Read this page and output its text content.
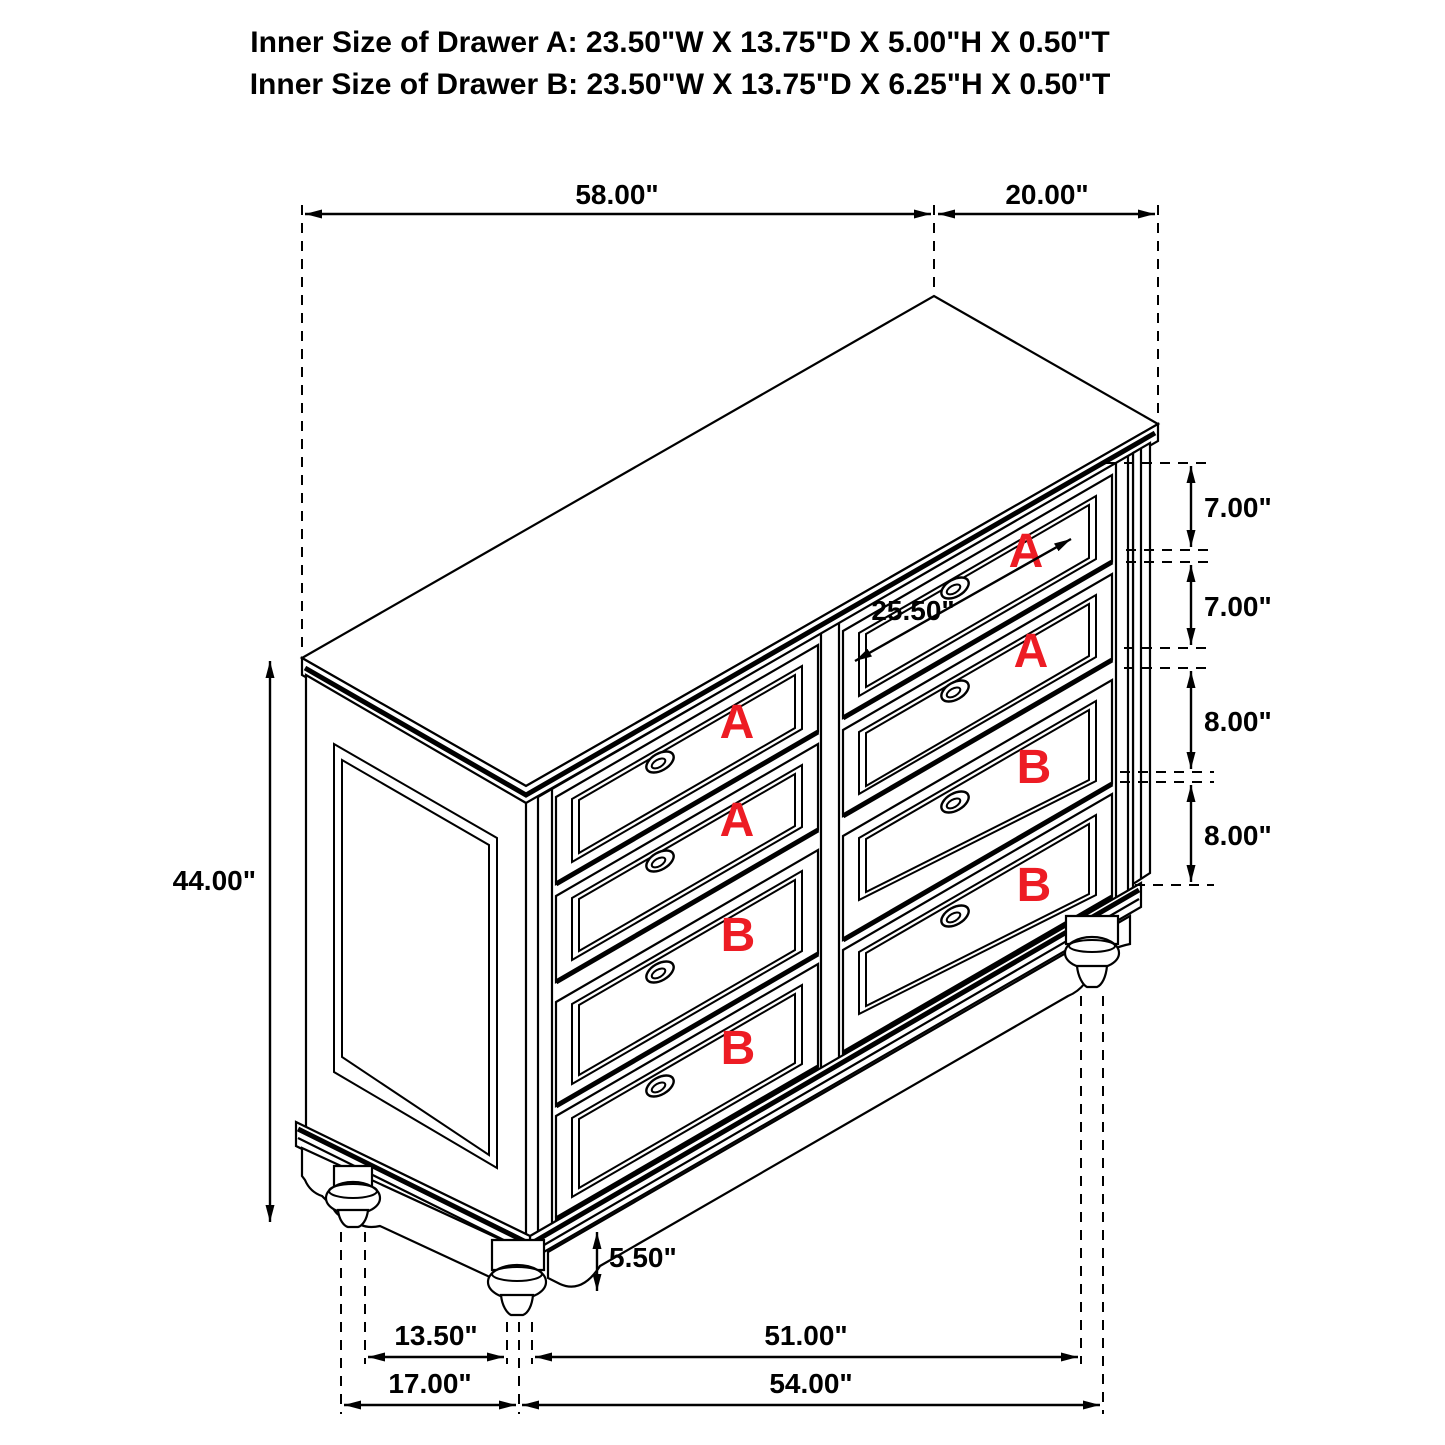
Inner Size of Drawer A: 23.50"W X 13.75"D X 5.00"H X 0.50"T
Inner Size of Drawer B: 23.50"W X 13.75"D X 6.25"H X 0.50"T
58.00"	20.00"
A
A
B
B
A
A
B
B
7.00"
7.00"
8.00"
8.00"
44.00"
25.50"
5.50"
13.50"	51.00"
17.00"	54.00"
